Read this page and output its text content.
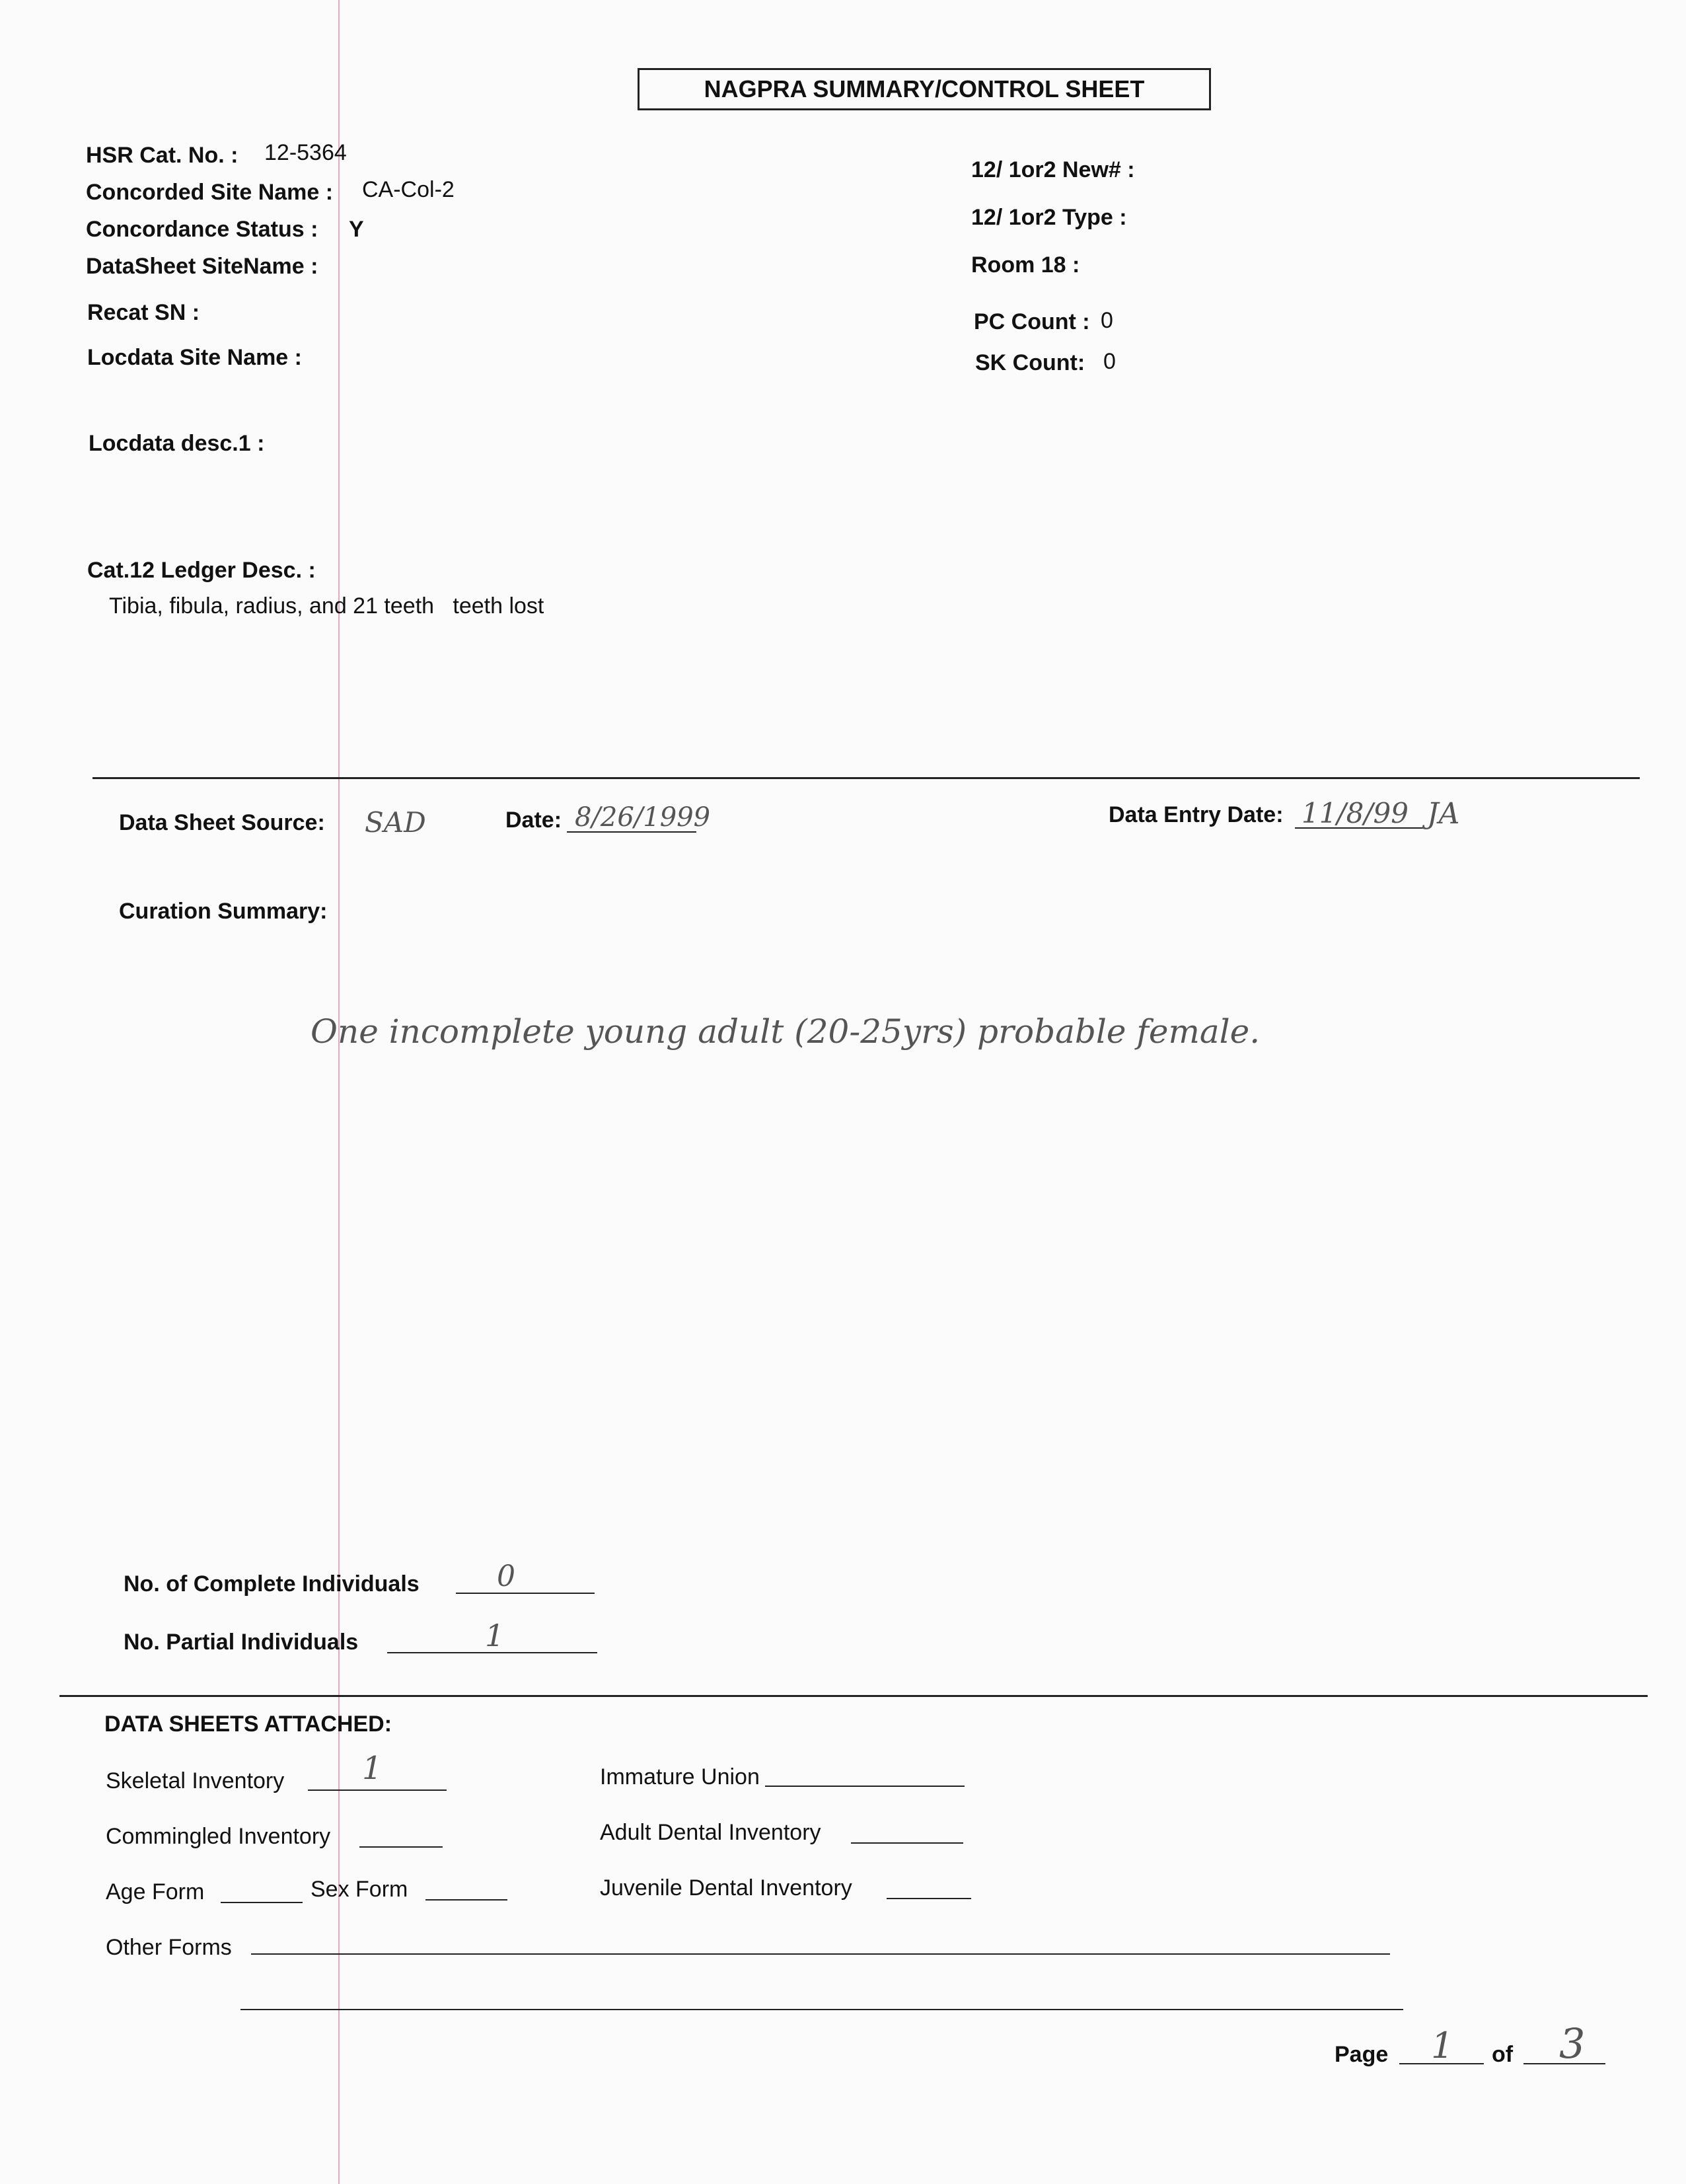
NAGPRA SUMMARY/CONTROL SHEET
HSR Cat. No. : 12-5364
Concorded Site Name : CA-Col-2
Concordance Status : Y
DataSheet SiteName :
Recat SN :
Locdata Site Name :
Locdata desc.1 :
Cat.12 Ledger Desc. :
Tibia, fibula, radius, and 21 teeth   teeth lost
12/ 1or2 New# :
12/ 1or2 Type :
Room 18 :
PC Count : 0
SK Count: 0
Data Sheet Source: SAD	Date: 8/26/1999	Data Entry Date: 11/8/99 JA
Curation Summary:
One incomplete young adult (20-25yrs) probable female.
No. of Complete Individuals	0
No. Partial Individuals	1
DATA SHEETS ATTACHED:
Skeletal Inventory 1
Commingled Inventory
Age Form	Sex Form
Other Forms
Immature Union
Adult Dental Inventory
Juvenile Dental Inventory
Page 1 of 3
